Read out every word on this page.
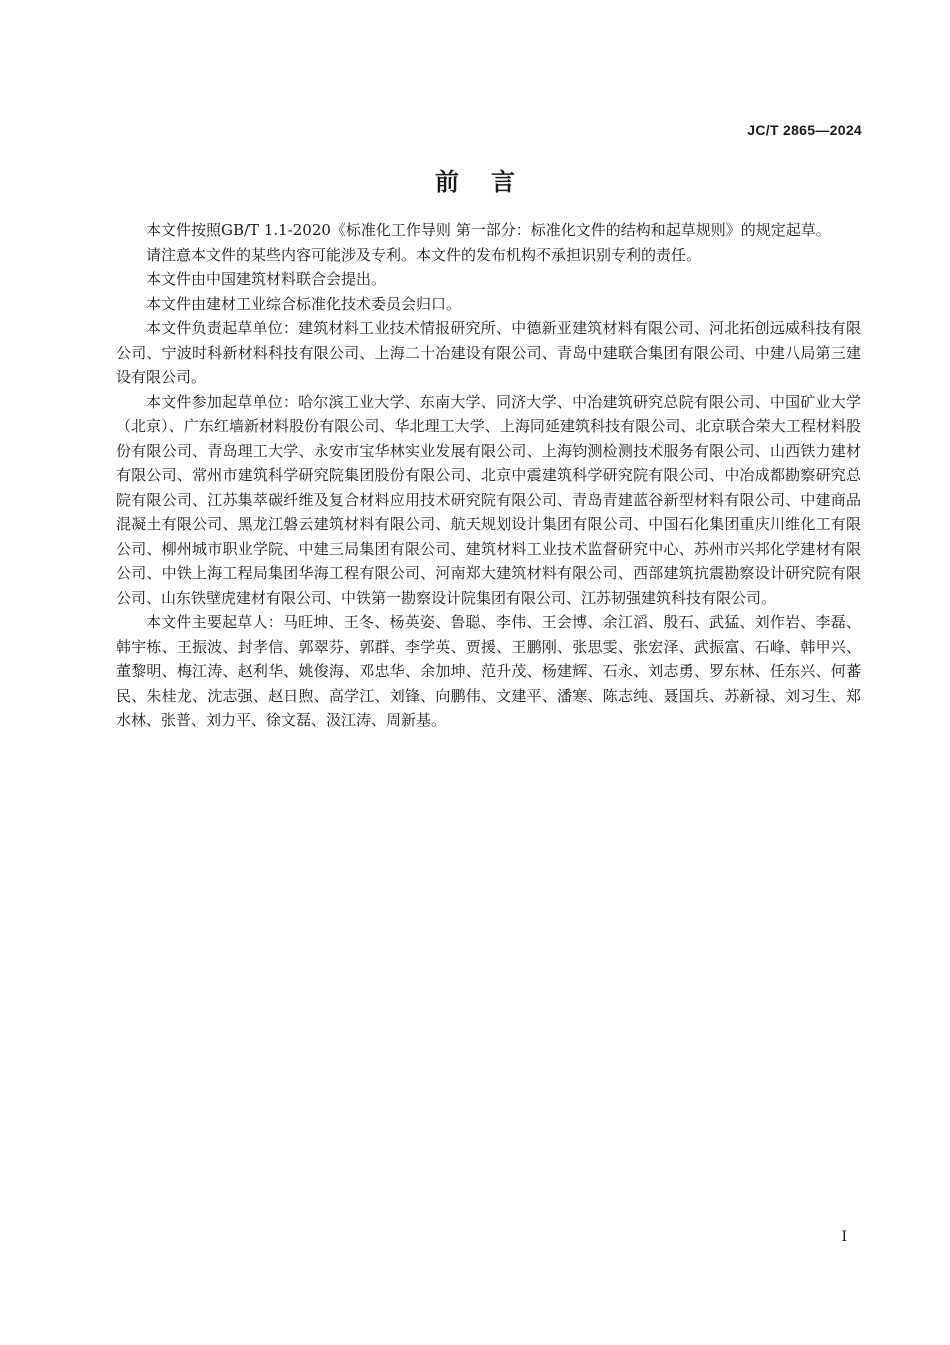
JC/T 2865—2024
前言

本文件按照GB/T 1.1-2020《标准化工作导则 第一部分：标准化文件的结构和起草规则》的规定起草。

请注意本文件的某些内容可能涉及专利。本文件的发布机构不承担识别专利的责任。

本文件由中国建筑材料联合会提出。

本文件由建材工业综合标准化技术委员会归口。

本文件负责起草单位：建筑材料工业技术情报研究所、中德新亚建筑材料有限公司、河北拓创远威科技有限公司、宁波时科新材料科技有限公司、上海二十冶建设有限公司、青岛中建联合集团有限公司、中建八局第三建设有限公司。

本文件参加起草单位：哈尔滨工业大学、东南大学、同济大学、中冶建筑研究总院有限公司、中国矿业大学（北京）、广东红墙新材料股份有限公司、华北理工大学、上海同延建筑科技有限公司、北京联合荣大工程材料股份有限公司、青岛理工大学、永安市宝华林实业发展有限公司、上海钧测检测技术服务有限公司、山西铁力建材有限公司、常州市建筑科学研究院集团股份有限公司、北京中震建筑科学研究院有限公司、中冶成都勘察研究总院有限公司、江苏集萃碳纤维及复合材料应用技术研究院有限公司、青岛青建蓝谷新型材料有限公司、中建商品混凝土有限公司、黑龙江磐云建筑材料有限公司、航天规划设计集团有限公司、中国石化集团重庆川维化工有限公司、柳州城市职业学院、中建三局集团有限公司、建筑材料工业技术监督研究中心、苏州市兴邦化学建材有限公司、中铁上海工程局集团华海工程有限公司、河南郑大建筑材料有限公司、西部建筑抗震勘察设计研究院有限公司、山东铁壁虎建材有限公司、中铁第一勘察设计院集团有限公司、江苏韧强建筑科技有限公司。

本文件主要起草人：马旺坤、王冬、杨英姿、鲁聪、李伟、王会博、余江滔、殷石、武猛、刘作岩、李磊、韩宇栋、王振波、封孝信、郭翠芬、郭群、李学英、贾援、王鹏刚、张思雯、张宏泽、武振富、石峰、韩甲兴、董黎明、梅江涛、赵利华、姚俊海、邓忠华、余加坤、范升茂、杨建辉、石永、刘志勇、罗东林、任东兴、何蕃民、朱桂龙、沈志强、赵日煦、高学江、刘锋、向鹏伟、文建平、潘寒、陈志纯、聂国兵、苏新禄、刘习生、郑水林、张普、刘力平、徐文磊、汲江涛、周新基。

I
